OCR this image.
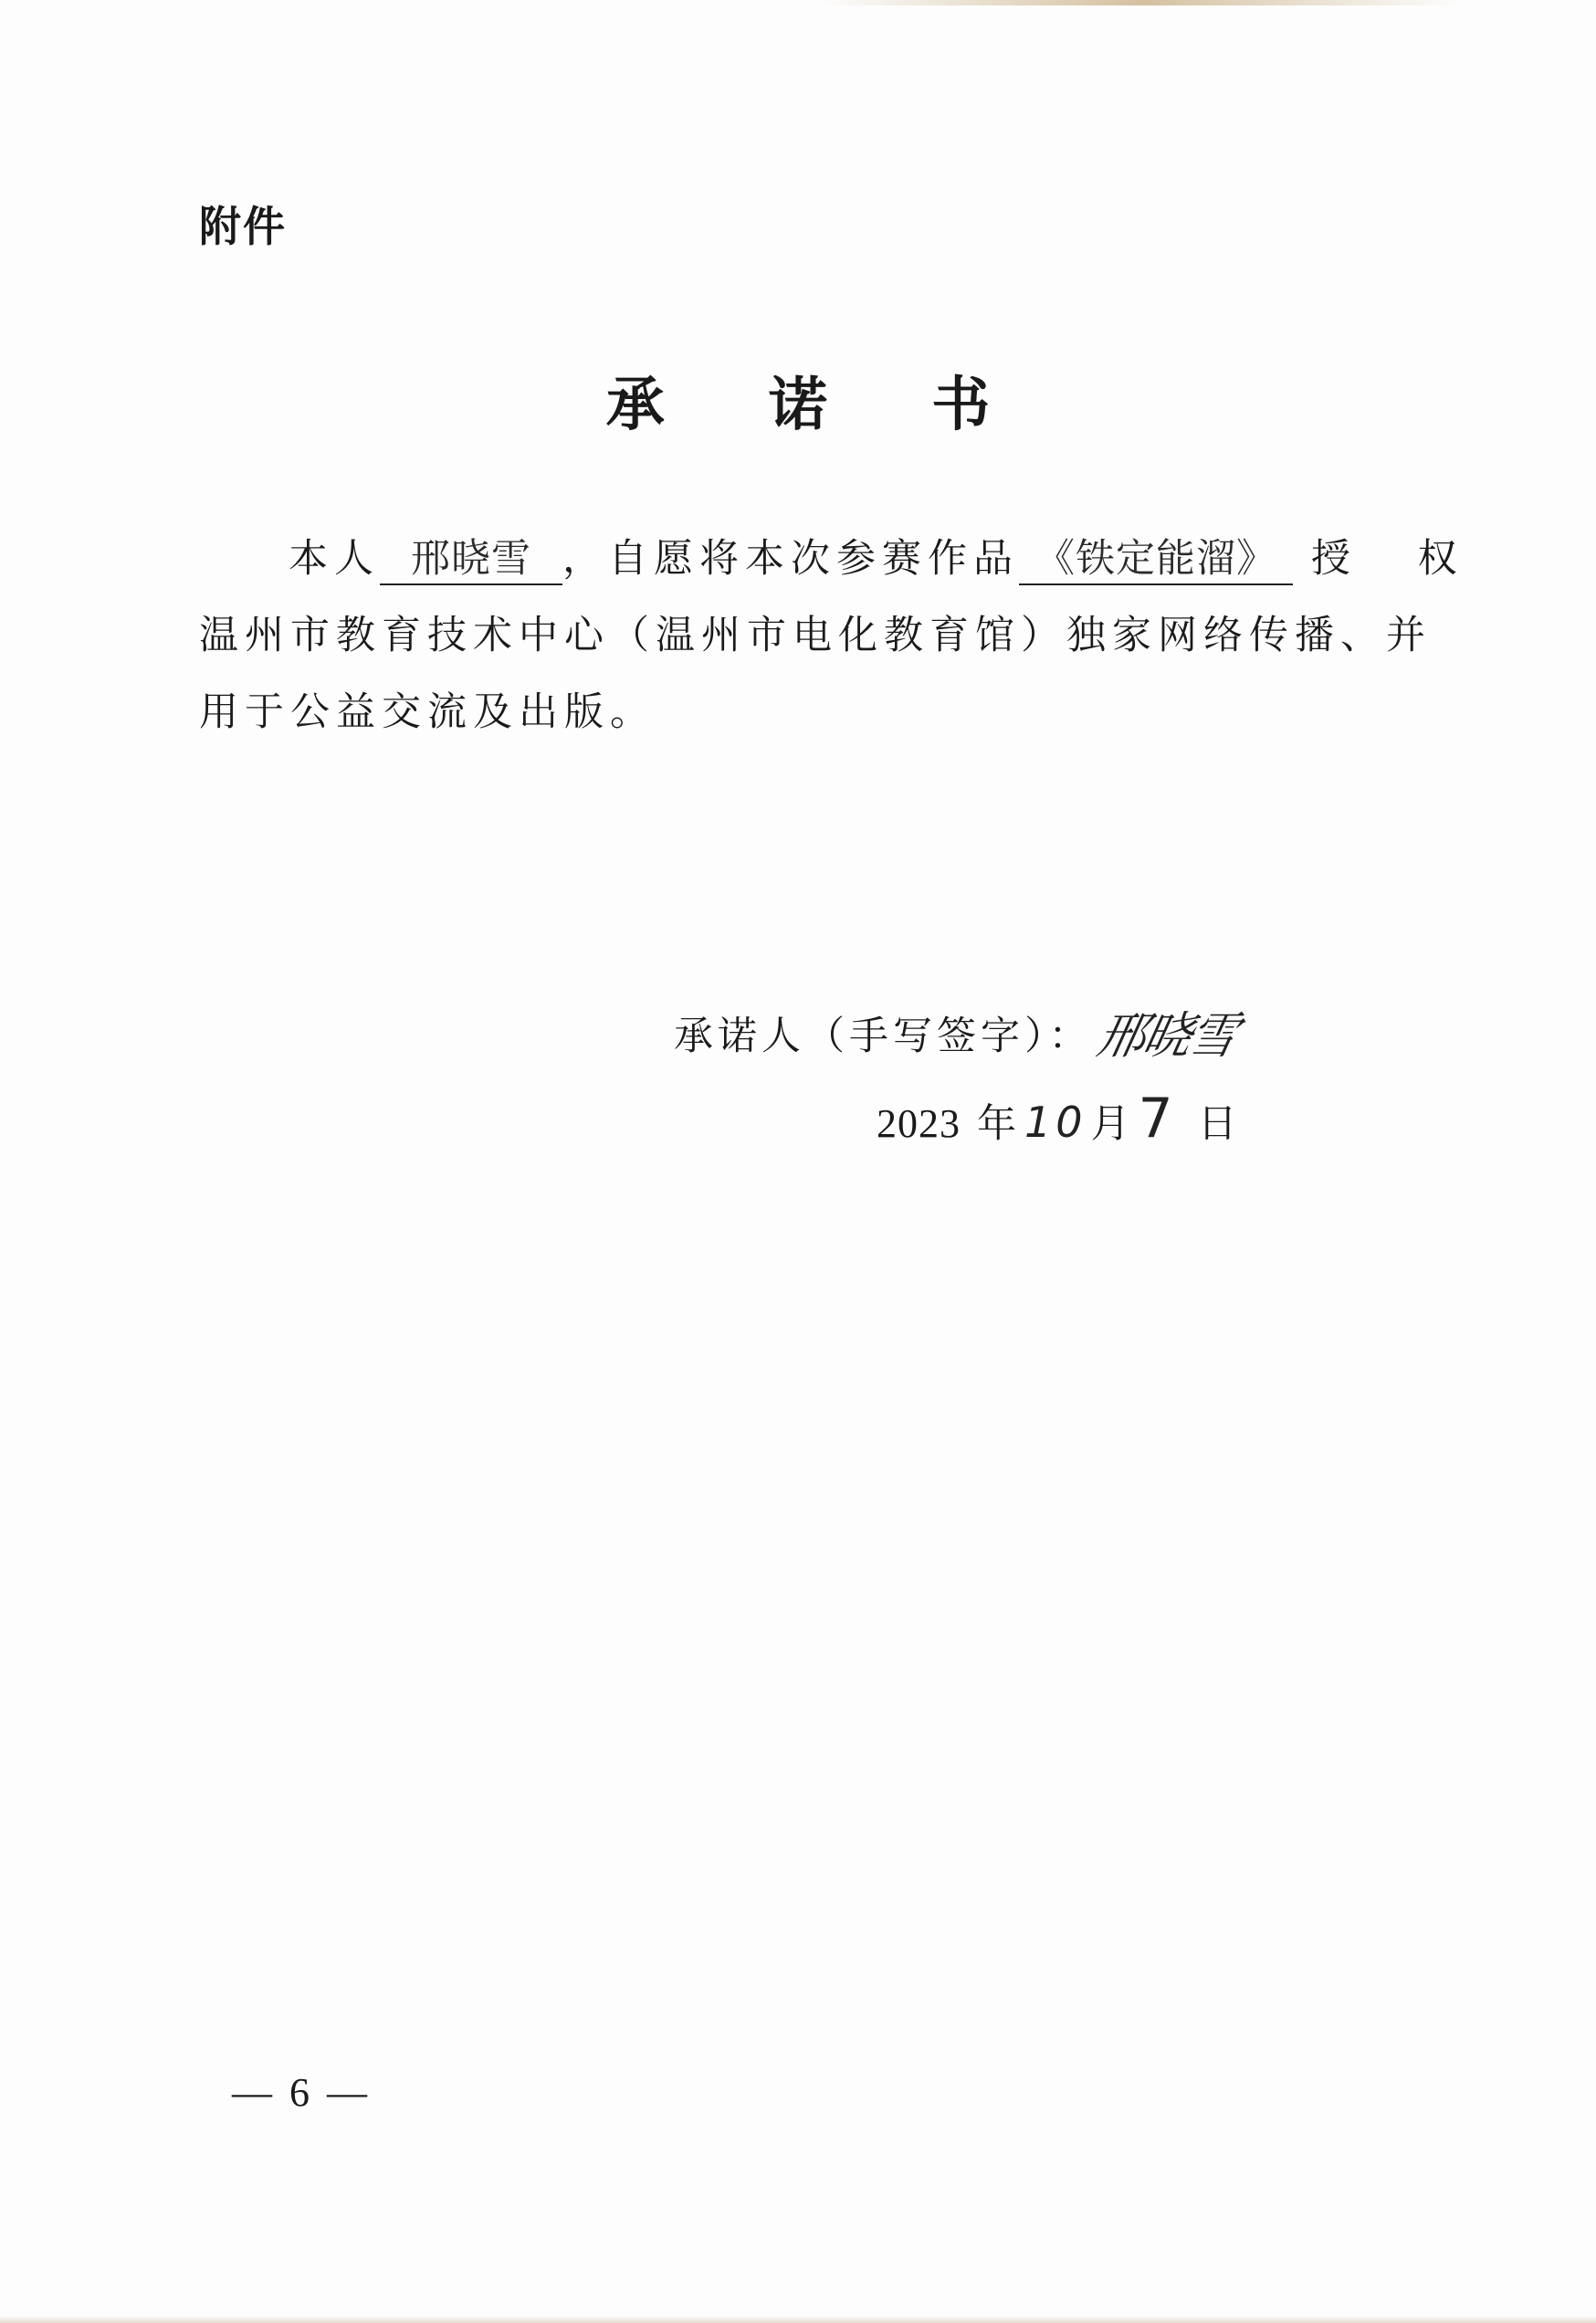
附件
承 诺 书
本人 邢晓雪 ，自愿将本次参赛作品 《铁定能溜》 授 权
温州市教育技术中心（温州市电化教育馆）独家网络传播、并
用于公益交流及出版。
承诺人（手写签字）： 邢晓雪
2023 年 10 月 7 日
— 6 —
